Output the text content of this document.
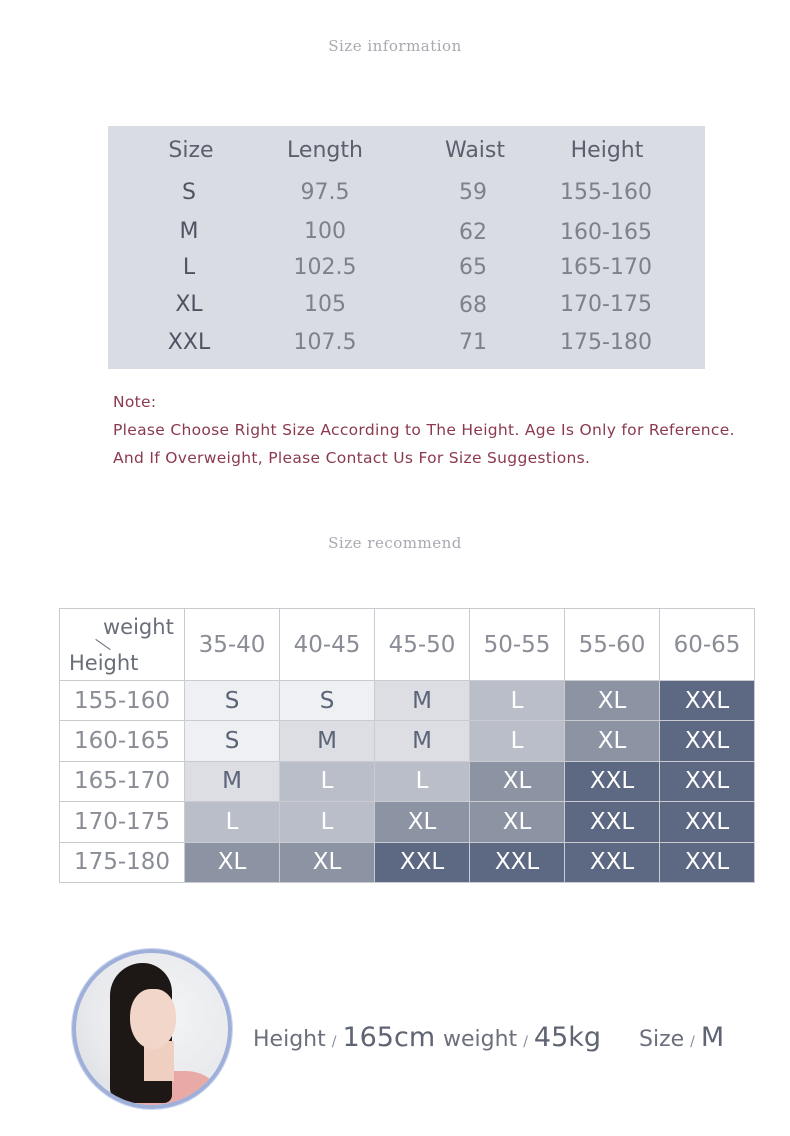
Size information
Size	Length	Waist	Height
S	97.5	59	155-160
M	100	62	160-165
L	102.5	65	165-170
XL	105	68	170-175
XXL	107.5	71	175-180
Note:
Please Choose Right Size According to The Height. Age Is Only for Reference.
And If Overweight, Please Contact Us For Size Suggestions.
Size recommend
weight
Height
35-40	40-45	45-50	50-55	55-60	60-65
155-160	S	S	M	L	XL	XXL
160-165	S	M	M	L	XL	XXL
165-170	M	L	L	XL	XXL	XXL
170-175	L	L	XL	XL	XXL	XXL
175-180	XL	XL	XXL	XXL	XXL	XXL
Height / 165cm weight / 45kg Size / M
